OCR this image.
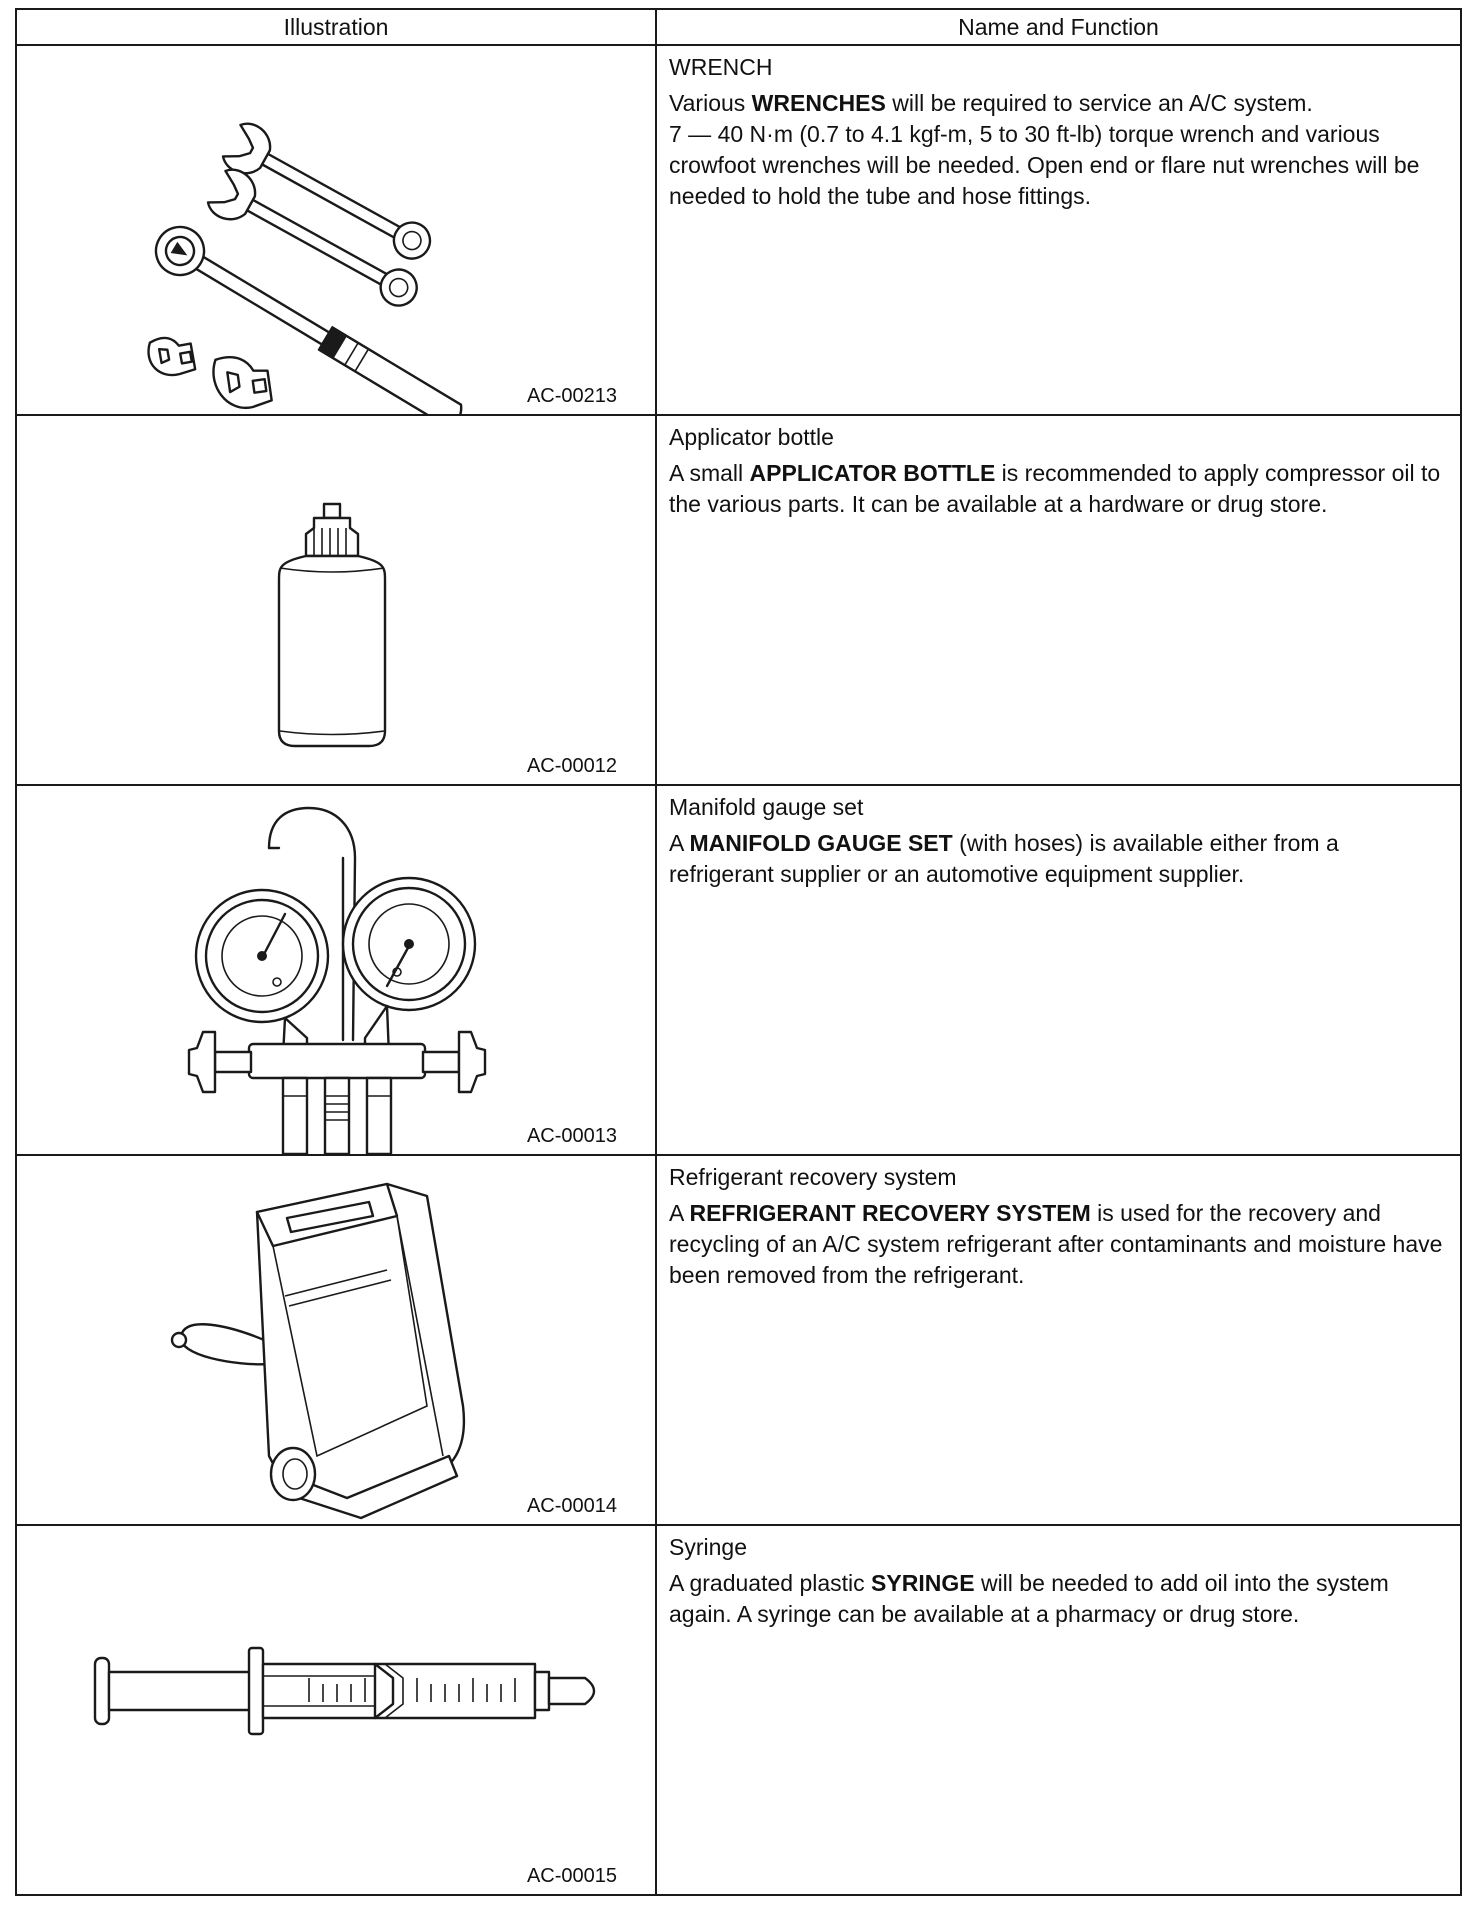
Illustration	Name and Function

AC-00213	WRENCH
Various WRENCHES will be required to service an A/C system.
7 — 40 N·m (0.7 to 4.1 kgf-m, 5 to 30 ft-lb) torque wrench and various crowfoot wrenches will be needed. Open end or flare nut wrenches will be needed to hold the tube and hose fittings.

AC-00012	Applicator bottle
A small APPLICATOR BOTTLE is recommended to apply compressor oil to the various parts. It can be available at a hardware or drug store.

AC-00013	Manifold gauge set
A MANIFOLD GAUGE SET (with hoses) is available either from a refrigerant supplier or an automotive equipment supplier.

AC-00014	Refrigerant recovery system
A REFRIGERANT RECOVERY SYSTEM is used for the recovery and recycling of an A/C system refrigerant after contaminants and moisture have been removed from the refrigerant.

AC-00015	Syringe
A graduated plastic SYRINGE will be needed to add oil into the system again. A syringe can be available at a pharmacy or drug store.
